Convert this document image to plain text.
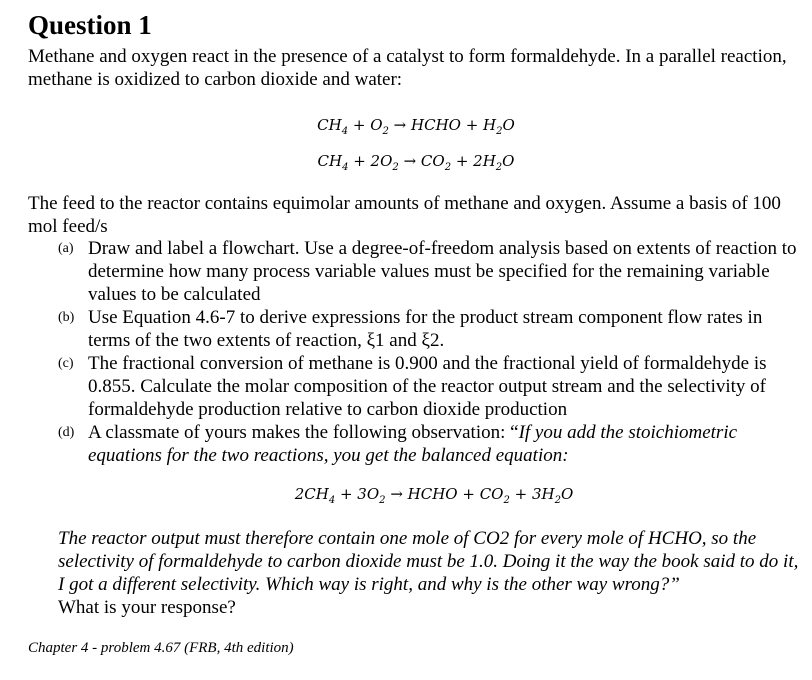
Question 1

Methane and oxygen react in the presence of a catalyst to form formaldehyde. In a parallel reaction, methane is oxidized to carbon dioxide and water:

$CH_4 + O_2$ → HCHO + $H_2O$
$CH_4 + 2O_2 \to CO_2 + 2H_2O$

The feed to the reactor contains equimolar amounts of methane and oxygen. Assume a basis of 100 mol feed/s

(a) Draw and label a flowchart. Use a degree-of-freedom analysis based on extents of reaction to determine how many process variable values must be specified for the remaining variable values to be calculated

(b) Use Equation 4.6-7 to derive expressions for the product stream component flow rates in terms of the two extents of reaction, ξ1 and ξ2.

(c) The fractional conversion of methane is 0.900 and the fractional yield of formaldehyde is 0.855. Calculate the molar composition of the reactor output stream and the selectivity of formaldehyde production relative to carbon dioxide production

(d) A classmate of yours makes the following observation: “If you add the stoichiometric equations for the two reactions, you get the balanced equation:

$2CH_4 + 3O_2$ → HCHO + $CO_2 + 3H_2O$

The reactor output must therefore contain one mole of CO2 for every mole of HCHO, so the selectivity of formaldehyde to carbon dioxide must be 1.0. Doing it the way the book said to do it, I got a different selectivity. Which way is right, and why is the other way wrong?”

What is your response?

Chapter 4 - problem 4.67 (FRB, 4th edition)
